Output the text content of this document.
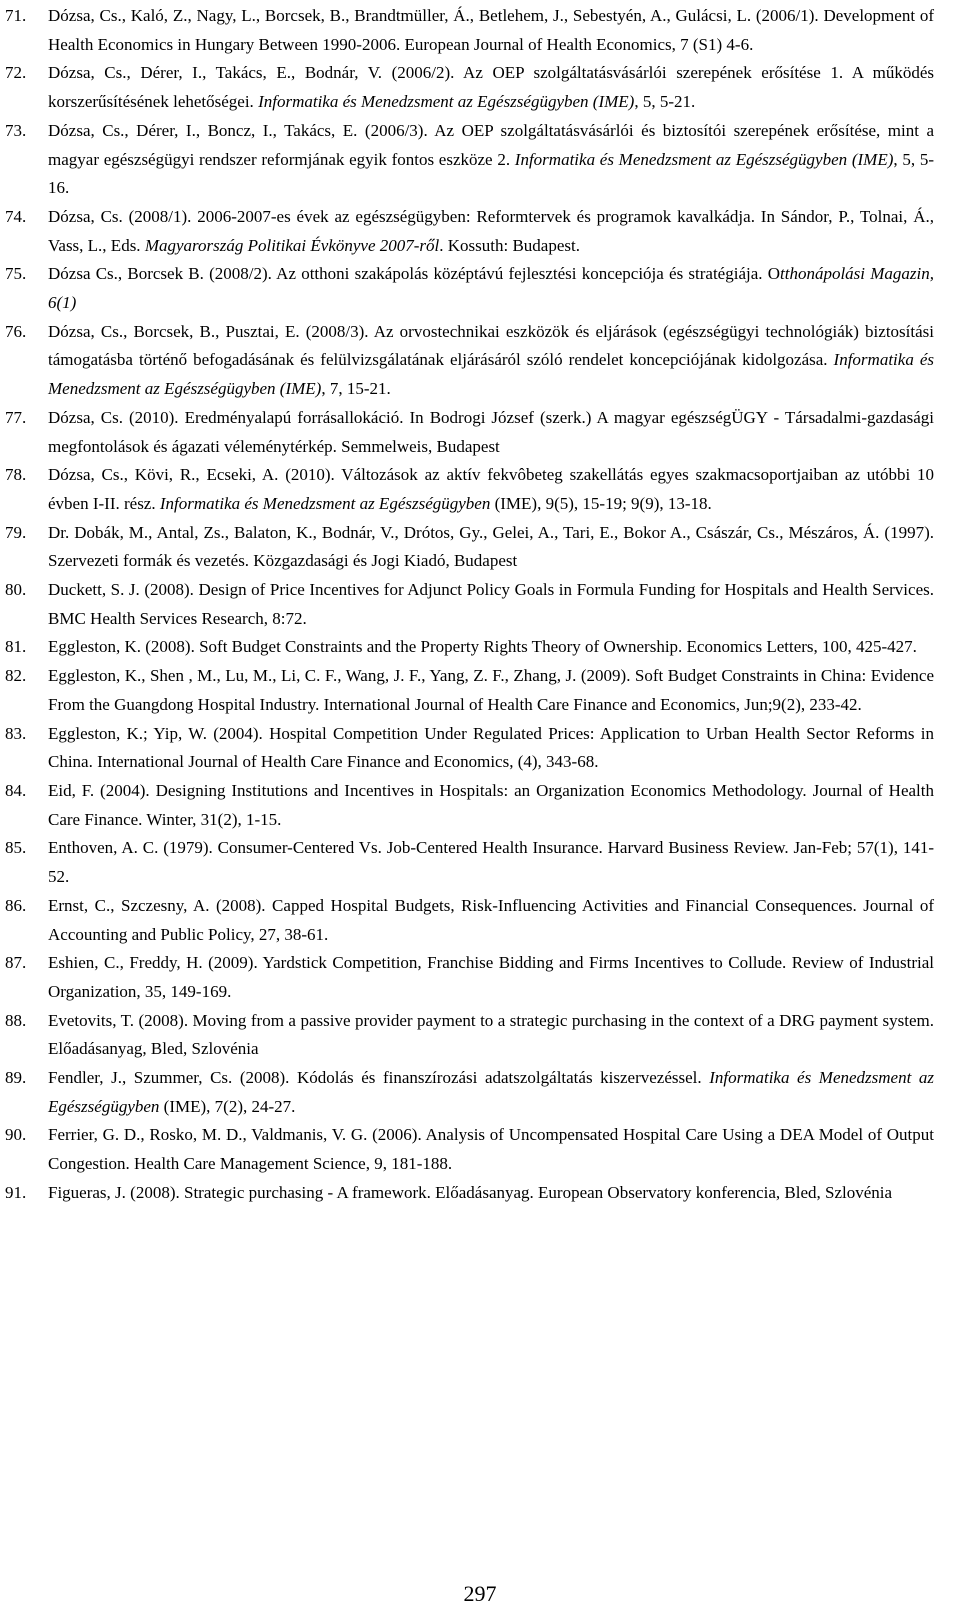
71. Dózsa, Cs., Kaló, Z., Nagy, L., Borcsek, B., Brandtmüller, Á., Betlehem, J., Sebestyén, A., Gulácsi, L. (2006/1). Development of Health Economics in Hungary Between 1990-2006. European Journal of Health Economics, 7 (S1) 4-6.
72. Dózsa, Cs., Dérer, I., Takács, E., Bodnár, V. (2006/2). Az OEP szolgáltatásvásárlói szerepének erősítése 1. A működés korszerűsítésének lehetőségei. Informatika és Menedzsment az Egészségügyben (IME), 5, 5-21.
73. Dózsa, Cs., Dérer, I., Boncz, I., Takács, E. (2006/3). Az OEP szolgáltatásvásárlói és biztosítói szerepének erősítése, mint a magyar egészségügyi rendszer reformjának egyik fontos eszköze 2. Informatika és Menedzsment az Egészségügyben (IME), 5, 5-16.
74. Dózsa, Cs. (2008/1). 2006-2007-es évek az egészségügyben: Reformtervek és programok kavalkádja. In Sándor, P., Tolnai, Á., Vass, L., Eds. Magyarország Politikai Évkönyve 2007-ről. Kossuth: Budapest.
75. Dózsa Cs., Borcsek B. (2008/2). Az otthoni szakápolás középtávú fejlesztési koncepciója és stratégiája. Otthonápolási Magazin, 6(1)
76. Dózsa, Cs., Borcsek, B., Pusztai, E. (2008/3). Az orvostechnikai eszközök és eljárások (egészségügyi technológiák) biztosítási támogatásba történő befogadásának és felülvizsgálatának eljárásáról szóló rendelet koncepciójának kidolgozása. Informatika és Menedzsment az Egészségügyben (IME), 7, 15-21.
77. Dózsa, Cs. (2010). Eredményalapú forrásallokáció. In Bodrogi József (szerk.) A magyar egészségÜGY - Társadalmi-gazdasági megfontolások és ágazati véleménytérkép. Semmelweis, Budapest
78. Dózsa, Cs., Kövi, R., Ecseki, A. (2010). Változások az aktív fekvôbeteg szakellátás egyes szakmacsoportjaiban az utóbbi 10 évben I-II. rész. Informatika és Menedzsment az Egészségügyben (IME), 9(5), 15-19; 9(9), 13-18.
79. Dr. Dobák, M., Antal, Zs., Balaton, K., Bodnár, V., Drótos, Gy., Gelei, A., Tari, E., Bokor A., Császár, Cs., Mészáros, Á. (1997). Szervezeti formák és vezetés. Közgazdasági és Jogi Kiadó, Budapest
80. Duckett, S. J. (2008). Design of Price Incentives for Adjunct Policy Goals in Formula Funding for Hospitals and Health Services. BMC Health Services Research, 8:72.
81. Eggleston, K. (2008). Soft Budget Constraints and the Property Rights Theory of Ownership. Economics Letters, 100, 425-427.
82. Eggleston, K., Shen , M., Lu, M., Li, C. F., Wang, J. F., Yang, Z. F., Zhang, J. (2009). Soft Budget Constraints in China: Evidence From the Guangdong Hospital Industry. International Journal of Health Care Finance and Economics, Jun;9(2), 233-42.
83. Eggleston, K.; Yip, W. (2004). Hospital Competition Under Regulated Prices: Application to Urban Health Sector Reforms in China. International Journal of Health Care Finance and Economics, (4), 343-68.
84. Eid, F. (2004). Designing Institutions and Incentives in Hospitals: an Organization Economics Methodology. Journal of Health Care Finance. Winter, 31(2), 1-15.
85. Enthoven, A. C. (1979). Consumer-Centered Vs. Job-Centered Health Insurance. Harvard Business Review. Jan-Feb; 57(1), 141-52.
86. Ernst, C., Szczesny, A. (2008). Capped Hospital Budgets, Risk-Influencing Activities and Financial Consequences. Journal of Accounting and Public Policy, 27, 38-61.
87. Eshien, C., Freddy, H. (2009). Yardstick Competition, Franchise Bidding and Firms Incentives to Collude. Review of Industrial Organization, 35, 149-169.
88. Evetovits, T. (2008). Moving from a passive provider payment to a strategic purchasing in the context of a DRG payment system. Előadásanyag, Bled, Szlovénia
89. Fendler, J., Szummer, Cs. (2008). Kódolás és finanszírozási adatszolgáltatás kiszervezéssel. Informatika és Menedzsment az Egészségügyben (IME), 7(2), 24-27.
90. Ferrier, G. D., Rosko, M. D., Valdmanis, V. G. (2006). Analysis of Uncompensated Hospital Care Using a DEA Model of Output Congestion. Health Care Management Science, 9, 181-188.
91. Figueras, J. (2008). Strategic purchasing - A framework. Előadásanyag. European Observatory konferencia, Bled, Szlovénia
297
